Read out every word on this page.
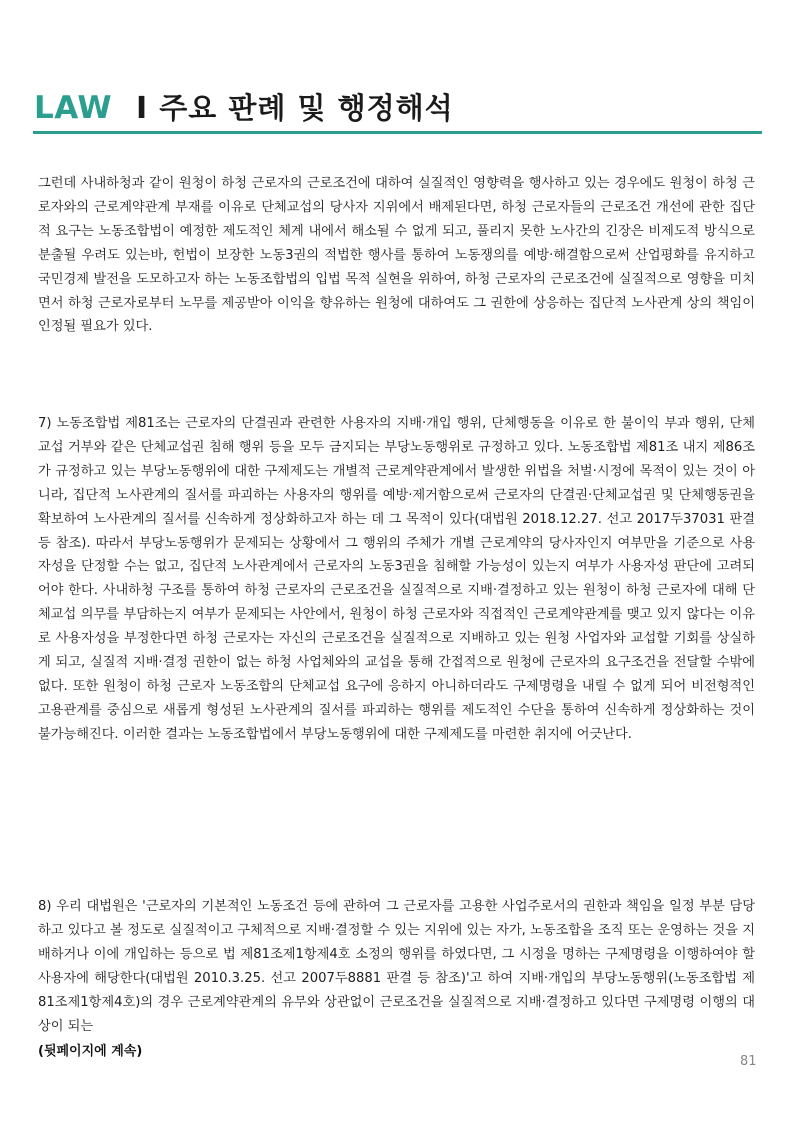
LAW I 주요 판례 및 행정해석

그런데 사내하청과 같이 원청이 하청 근로자의 근로조건에 대하여 실질적인 영향력을 행사하고 있는 경우에도 원청이 하청 근로자와의 근로계약관계 부재를 이유로 단체교섭의 당사자 지위에서 배제된다면, 하청 근로자들의 근로조건 개선에 관한 집단적 요구는 노동조합법이 예정한 제도적인 체계 내에서 해소될 수 없게 되고, 풀리지 못한 노사간의 긴장은 비제도적 방식으로 분출될 우려도 있는바, 헌법이 보장한 노동3권의 적법한 행사를 통하여 노동쟁의를 예방·해결함으로써 산업평화를 유지하고 국민경제 발전을 도모하고자 하는 노동조합법의 입법 목적 실현을 위하여, 하청 근로자의 근로조건에 실질적으로 영향을 미치면서 하청 근로자로부터 노무를 제공받아 이익을 향유하는 원청에 대하여도 그 권한에 상응하는 집단적 노사관계 상의 책임이 인정될 필요가 있다.

7) 노동조합법 제81조는 근로자의 단결권과 관련한 사용자의 지배·개입 행위, 단체행동을 이유로 한 불이익 부과 행위, 단체교섭 거부와 같은 단체교섭권 침해 행위 등을 모두 금지되는 부당노동행위로 규정하고 있다. 노동조합법 제81조 내지 제86조가 규정하고 있는 부당노동행위에 대한 구제제도는 개별적 근로계약관계에서 발생한 위법을 처벌·시정에 목적이 있는 것이 아니라, 집단적 노사관계의 질서를 파괴하는 사용자의 행위를 예방·제거함으로써 근로자의 단결권·단체교섭권 및 단체행동권을 확보하여 노사관계의 질서를 신속하게 정상화하고자 하는 데 그 목적이 있다(대법원 2018.12.27. 선고 2017두37031 판결 등 참조). 따라서 부당노동행위가 문제되는 상황에서 그 행위의 주체가 개별 근로계약의 당사자인지 여부만을 기준으로 사용자성을 단정할 수는 없고, 집단적 노사관계에서 근로자의 노동3권을 침해할 가능성이 있는지 여부가 사용자성 판단에 고려되어야 한다. 사내하청 구조를 통하여 하청 근로자의 근로조건을 실질적으로 지배·결정하고 있는 원청이 하청 근로자에 대해 단체교섭 의무를 부담하는지 여부가 문제되는 사안에서, 원청이 하청 근로자와 직접적인 근로계약관계를 맺고 있지 않다는 이유로 사용자성을 부정한다면 하청 근로자는 자신의 근로조건을 실질적으로 지배하고 있는 원청 사업자와 교섭할 기회를 상실하게 되고, 실질적 지배·결정 권한이 없는 하청 사업체와의 교섭을 통해 간접적으로 원청에 근로자의 요구조건을 전달할 수밖에 없다. 또한 원청이 하청 근로자 노동조합의 단체교섭 요구에 응하지 아니하더라도 구제명령을 내릴 수 없게 되어 비전형적인 고용관계를 중심으로 새롭게 형성된 노사관계의 질서를 파괴하는 행위를 제도적인 수단을 통하여 신속하게 정상화하는 것이 불가능해진다. 이러한 결과는 노동조합법에서 부당노동행위에 대한 구제제도를 마련한 취지에 어긋난다.

8) 우리 대법원은 '근로자의 기본적인 노동조건 등에 관하여 그 근로자를 고용한 사업주로서의 권한과 책임을 일정 부분 담당하고 있다고 볼 정도로 실질적이고 구체적으로 지배·결정할 수 있는 지위에 있는 자가, 노동조합을 조직 또는 운영하는 것을 지배하거나 이에 개입하는 등으로 법 제81조제1항제4호 소정의 행위를 하였다면, 그 시정을 명하는 구제명령을 이행하여야 할 사용자에 해당한다(대법원 2010.3.25. 선고 2007두8881 판결 등 참조)'고 하여 지배·개입의 부당노동행위(노동조합법 제81조제1항제4호)의 경우 근로계약관계의 유무와 상관없이 근로조건을 실질적으로 지배·결정하고 있다면 구제명령 이행의 대상이 되는

(뒷페이지에 계속)
81
